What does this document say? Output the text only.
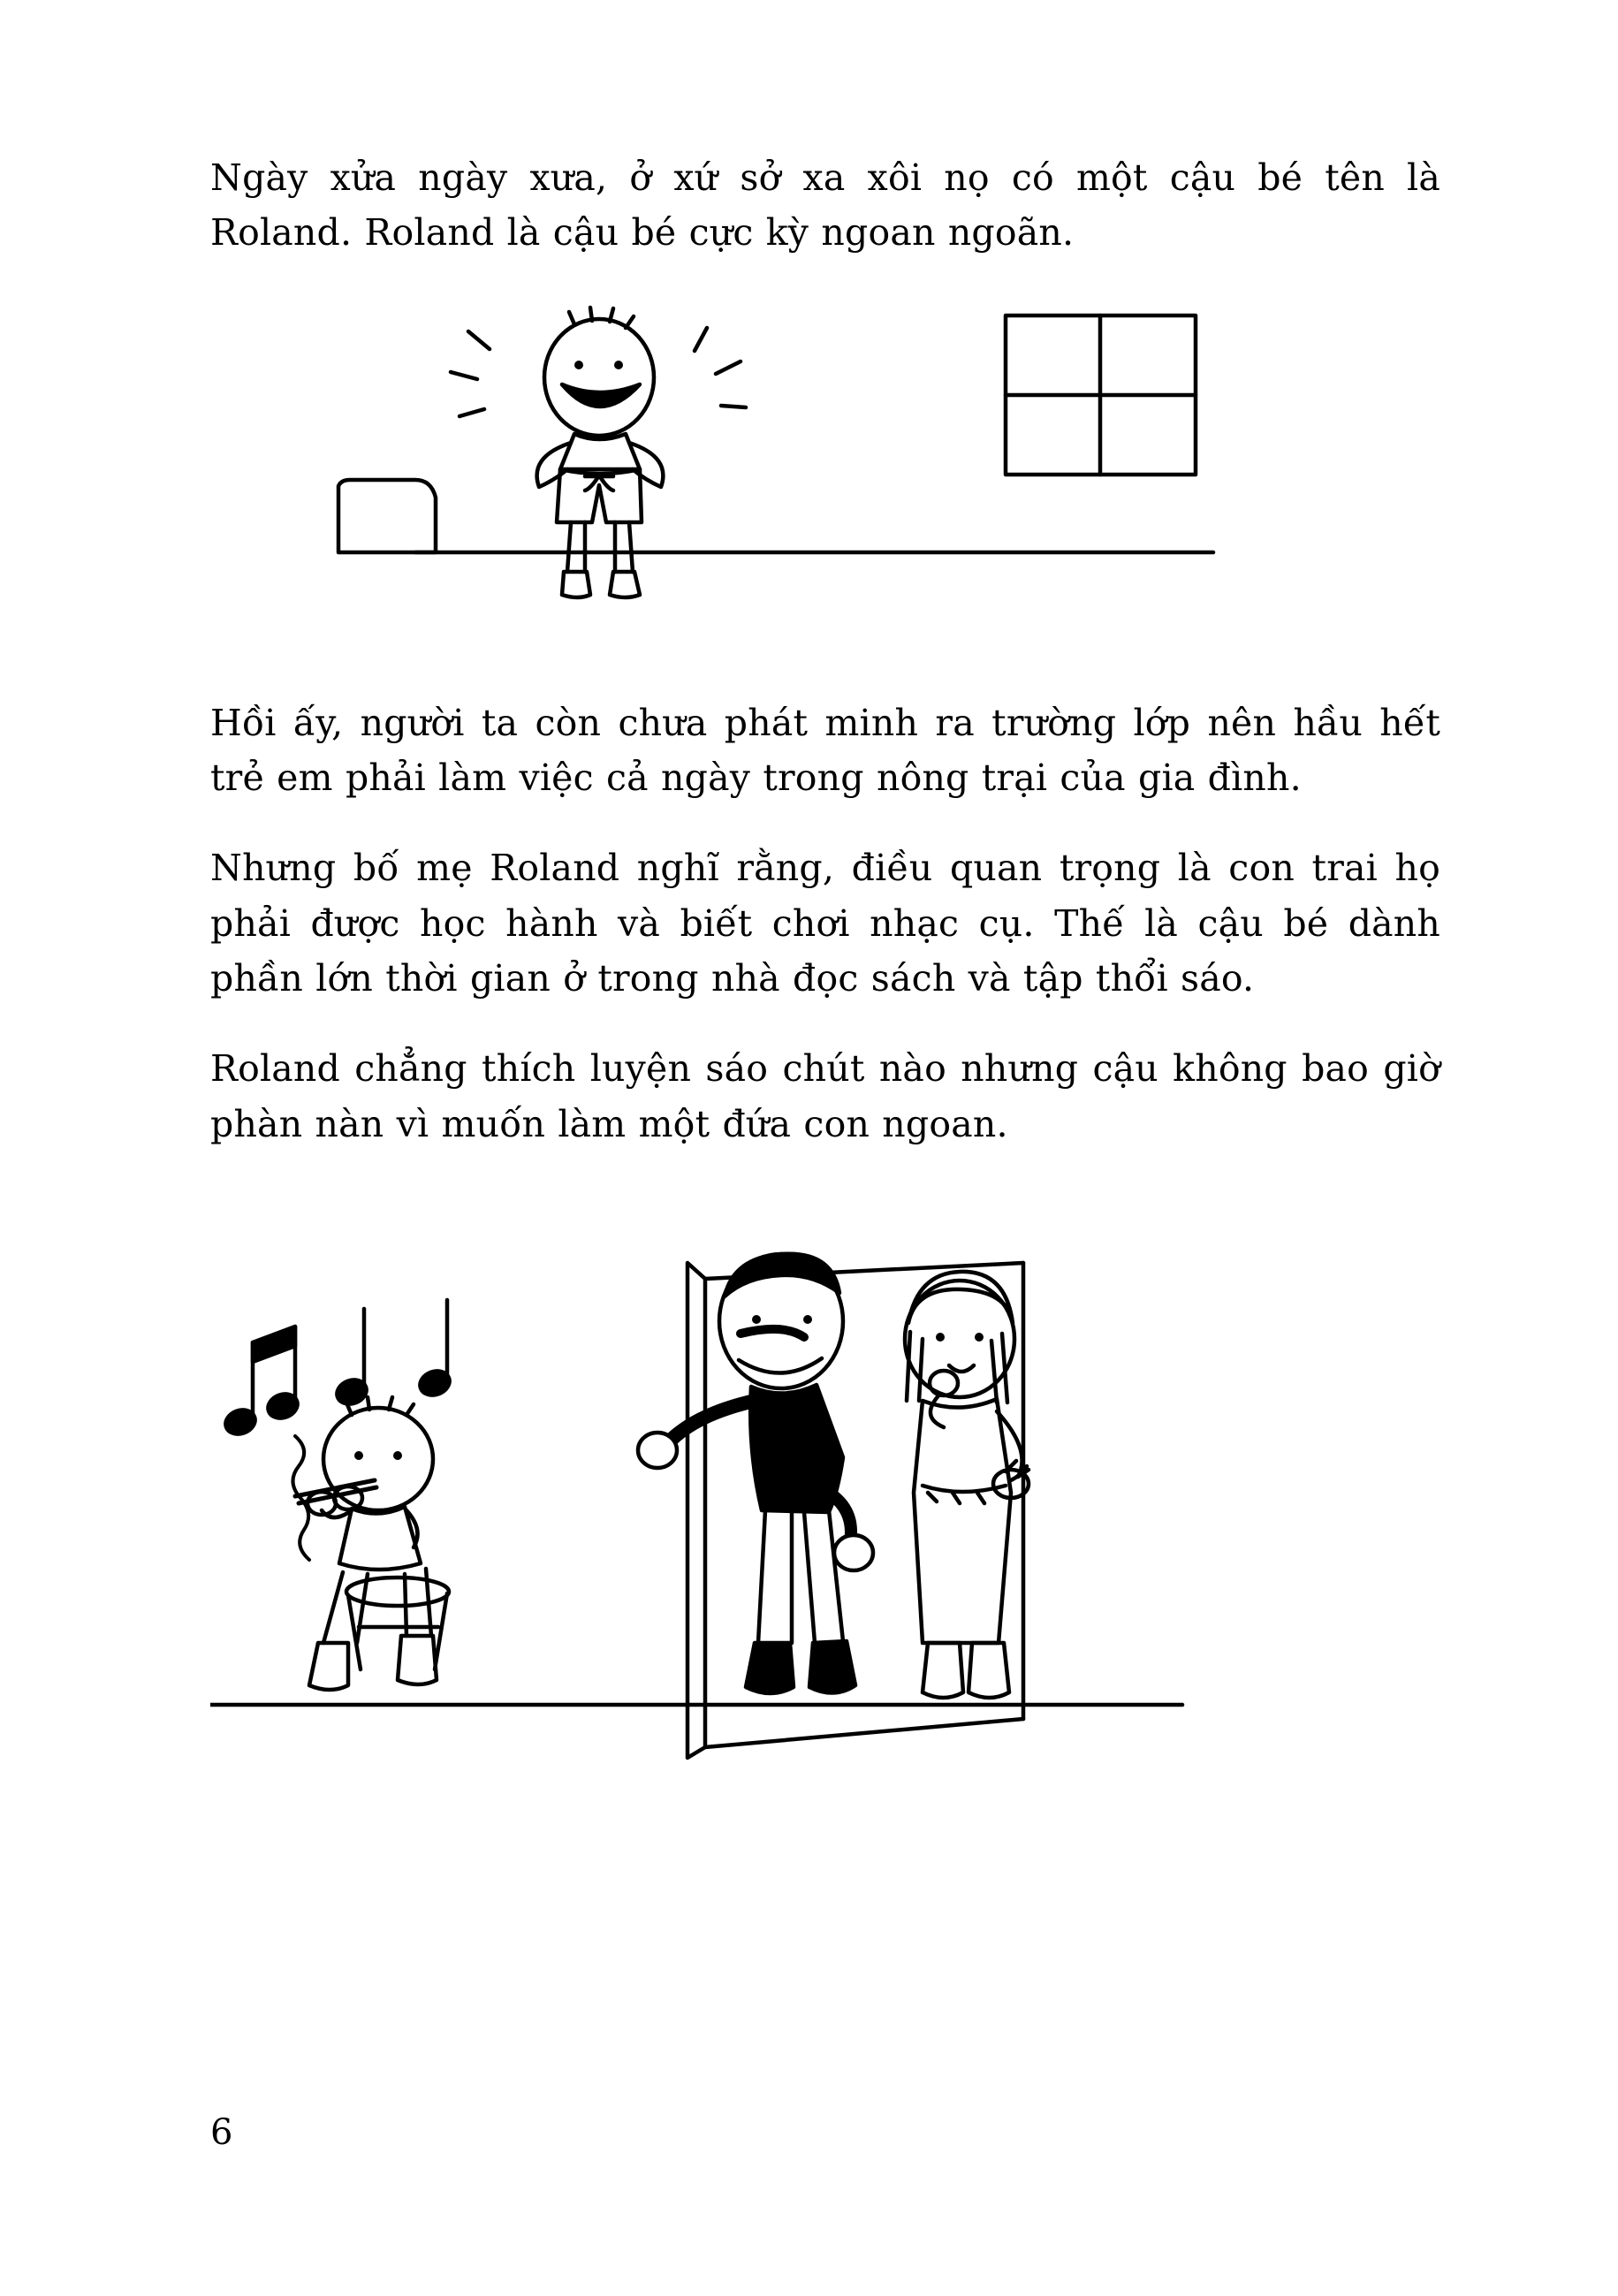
Ngày xửa ngày xưa, ở xứ sở xa xôi nọ có một cậu bé tên là Roland. Roland là cậu bé cực kỳ ngoan ngoãn.

Hồi ấy, người ta còn chưa phát minh ra trường lớp nên hầu hết trẻ em phải làm việc cả ngày trong nông trại của gia đình.

Nhưng bố mẹ Roland nghĩ rằng, điều quan trọng là con trai họ phải được học hành và biết chơi nhạc cụ. Thế là cậu bé dành phần lớn thời gian ở trong nhà đọc sách và tập thổi sáo.

Roland chẳng thích luyện sáo chút nào nhưng cậu không bao giờ phàn nàn vì muốn làm một đứa con ngoan.

6
